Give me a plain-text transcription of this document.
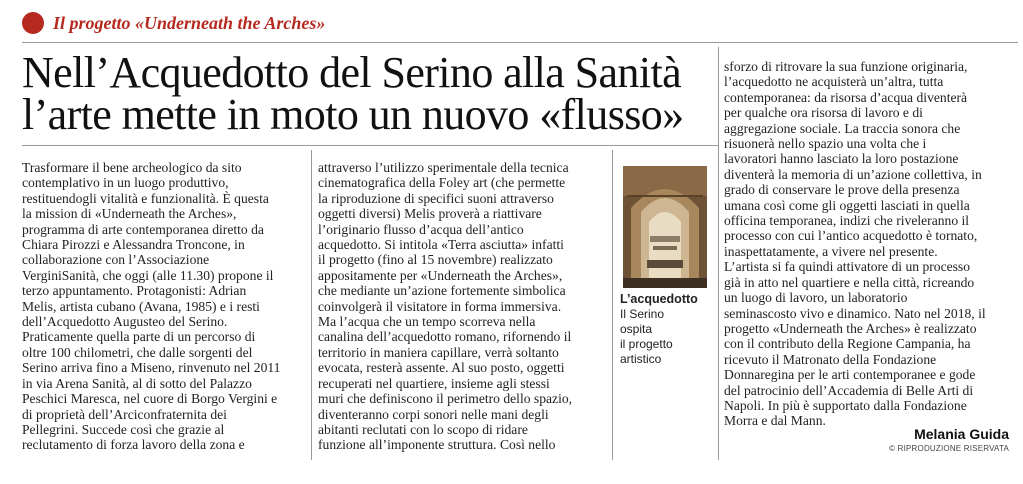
Il progetto «Underneath the Arches»
Nell’Acquedotto del Serino alla Sanità
l’arte mette in moto un nuovo «flusso»
Trasformare il bene archeologico da sito
contemplativo in un luogo produttivo,
restituendogli vitalità e funzionalità. È questa
la mission di «Underneath the Arches»,
programma di arte contemporanea diretto da
Chiara Pirozzi e Alessandra Troncone, in
collaborazione con l’Associazione
VerginiSanità, che oggi (alle 11.30) propone il
terzo appuntamento. Protagonisti: Adrian
Melis, artista cubano (Avana, 1985) e i resti
dell’Acquedotto Augusteo del Serino.
Praticamente quella parte di un percorso di
oltre 100 chilometri, che dalle sorgenti del
Serino arriva fino a Miseno, rinvenuto nel 2011
in via Arena Sanità, al di sotto del Palazzo
Peschici Maresca, nel cuore di Borgo Vergini e
di proprietà dell’Arciconfraternita dei
Pellegrini. Succede così che grazie al
reclutamento di forza lavoro della zona e
attraverso l’utilizzo sperimentale della tecnica
cinematografica della Foley art (che permette
la riproduzione di specifici suoni attraverso
oggetti diversi) Melis proverà a riattivare
l’originario flusso d’acqua dell’antico
acquedotto. Si intitola «Terra asciutta» infatti
il progetto (fino al 15 novembre) realizzato
appositamente per «Underneath the Arches»,
che mediante un’azione fortemente simbolica
coinvolgerà il visitatore in forma immersiva.
Ma l’acqua che un tempo scorreva nella
canalina dell’acquedotto romano, rifornendo il
territorio in maniera capillare, verrà soltanto
evocata, resterà assente. Al suo posto, oggetti
recuperati nel quartiere, insieme agli stessi
muri che definiscono il perimetro dello spazio,
diventeranno corpi sonori nelle mani degli
abitanti reclutati con lo scopo di ridare
funzione all’imponente struttura. Così nello
sforzo di ritrovare la sua funzione originaria,
l’acquedotto ne acquisterà un’altra, tutta
contemporanea: da risorsa d’acqua diventerà
per qualche ora risorsa di lavoro e di
aggregazione sociale. La traccia sonora che
risuonerà nello spazio una volta che i
lavoratori hanno lasciato la loro postazione
diventerà la memoria di un’azione collettiva, in
grado di conservare le prove della presenza
umana così come gli oggetti lasciati in quella
officina temporanea, indizi che riveleranno il
processo con cui l’antico acquedotto è tornato,
inaspettatamente, a vivere nel presente.
L’artista si fa quindi attivatore di un processo
già in atto nel quartiere e nella città, ricreando
un luogo di lavoro, un laboratorio
seminascosto vivo e dinamico. Nato nel 2018, il
progetto «Underneath the Arches» è realizzato
con il contributo della Regione Campania, ha
ricevuto il Matronato della Fondazione
Donnaregina per le arti contemporanee e gode
del patrocinio dell’Accademia di Belle Arti di
Napoli. In più è supportato dalla Fondazione
Morra e dal Mann.
L’acquedotto
Il Serino
ospita
il progetto
artistico
Melania Guida
© RIPRODUZIONE RISERVATA
